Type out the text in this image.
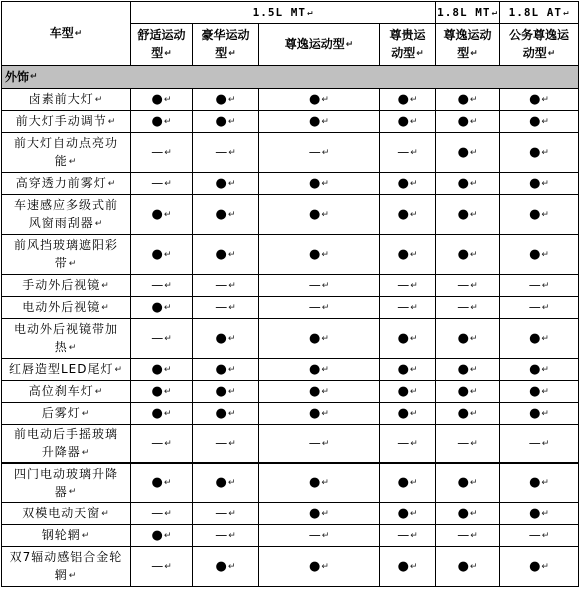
车型↵	1.5L MT↵				1.8L MT↵	1.8L AT↵
	舒适运动型↵	豪华运动型↵	尊逸运动型↵	尊贵运动型↵	尊逸运动型↵	公务尊逸运动型↵
外饰↵						
卤素前大灯↵	●↵	●↵	●↵	●↵	●↵	●↵
前大灯手动调节↵	●↵	●↵	●↵	●↵	●↵	●↵
前大灯自动点亮功能↵	—↵	—↵	—↵	—↵	●↵	●↵
高穿透力前雾灯↵	—↵	●↵	●↵	●↵	●↵	●↵
车速感应多级式前风窗雨刮器↵	●↵	●↵	●↵	●↵	●↵	●↵
前风挡玻璃遮阳彩带↵	●↵	●↵	●↵	●↵	●↵	●↵
手动外后视镜↵	—↵	—↵	—↵	—↵	—↵	—↵
电动外后视镜↵	●↵	—↵	—↵	—↵	—↵	—↵
电动外后视镜带加热↵	—↵	●↵	●↵	●↵	●↵	●↵
红唇造型LED尾灯↵	●↵	●↵	●↵	●↵	●↵	●↵
高位刹车灯↵	●↵	●↵	●↵	●↵	●↵	●↵
后雾灯↵	●↵	●↵	●↵	●↵	●↵	●↵
前电动后手摇玻璃升降器↵	—↵	—↵	—↵	—↵	—↵	—↵
四门电动玻璃升降器↵	●↵	●↵	●↵	●↵	●↵	●↵
双模电动天窗↵	—↵	—↵	●↵	●↵	●↵	●↵
钢轮辋↵	●↵	—↵	—↵	—↵	—↵	—↵
双7辐动感铝合金轮辋↵	—↵	●↵	●↵	●↵	●↵	●↵
